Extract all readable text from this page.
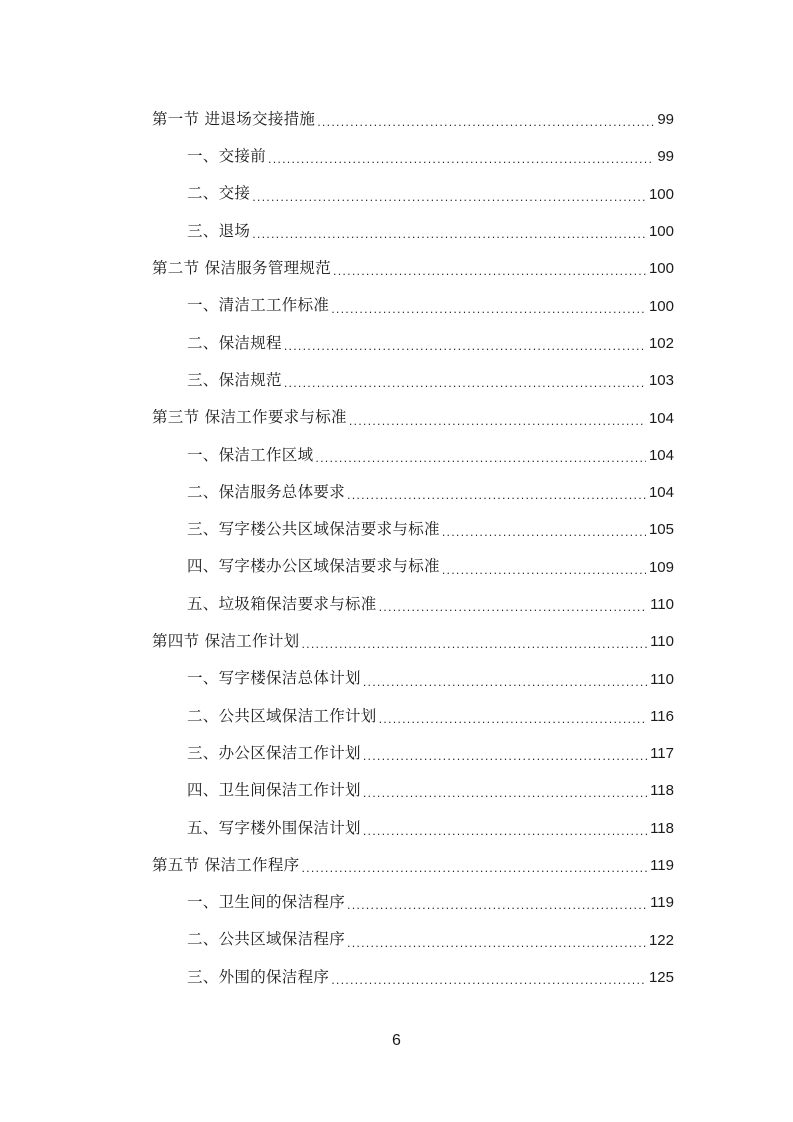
第一节 进退场交接措施 .....	99
一、交接前 .....	99
二、交接 .....	100
三、退场 .....	100
第二节 保洁服务管理规范 .....	100
一、清洁工工作标准 .....	100
二、保洁规程 .....	102
三、保洁规范 .....	103
第三节 保洁工作要求与标准 .....	104
一、保洁工作区域 .....	104
二、保洁服务总体要求 .....	104
三、写字楼公共区域保洁要求与标准 .....	105
四、写字楼办公区域保洁要求与标准 .....	109
五、垃圾箱保洁要求与标准 .....	110
第四节 保洁工作计划 .....	110
一、写字楼保洁总体计划 .....	110
二、公共区域保洁工作计划 .....	116
三、办公区保洁工作计划 .....	117
四、卫生间保洁工作计划 .....	118
五、写字楼外围保洁计划 .....	118
第五节 保洁工作程序 .....	119
一、卫生间的保洁程序 .....	119
二、公共区域保洁程序 .....	122
三、外围的保洁程序 .....	125
6
